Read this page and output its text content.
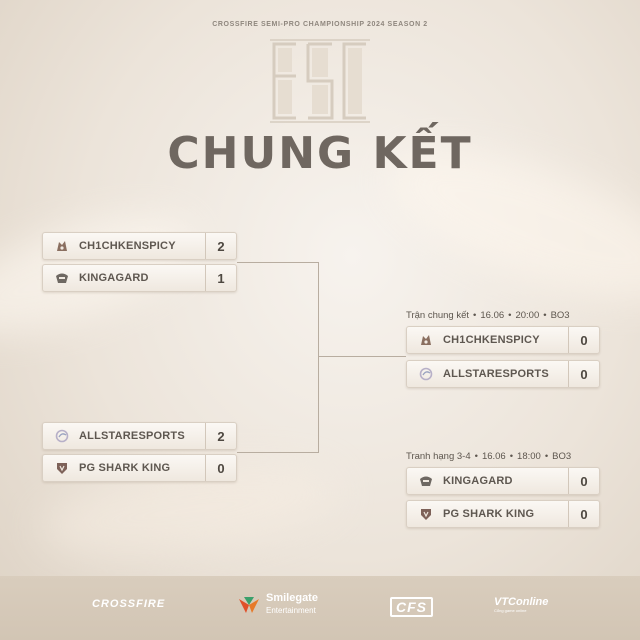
CROSSFIRE SEMI-PRO CHAMPIONSHIP 2024 SEASON 2
CHUNG KẾT
CH1CHKENSPICY	2
KINGAGARD	1
ALLSTARESPORTS	2
PG SHARK KING	0
Trận chung kết • 16.06 • 20:00 • BO3
CH1CHKENSPICY	0
ALLSTARESPORTS	0
Tranh hạng 3-4 • 16.06 • 18:00 • BO3
KINGAGARD	0
PG SHARK KING	0
CROSSFIRE	Smilegate
Entertainment	CFS	VTConline
Cổng game online
